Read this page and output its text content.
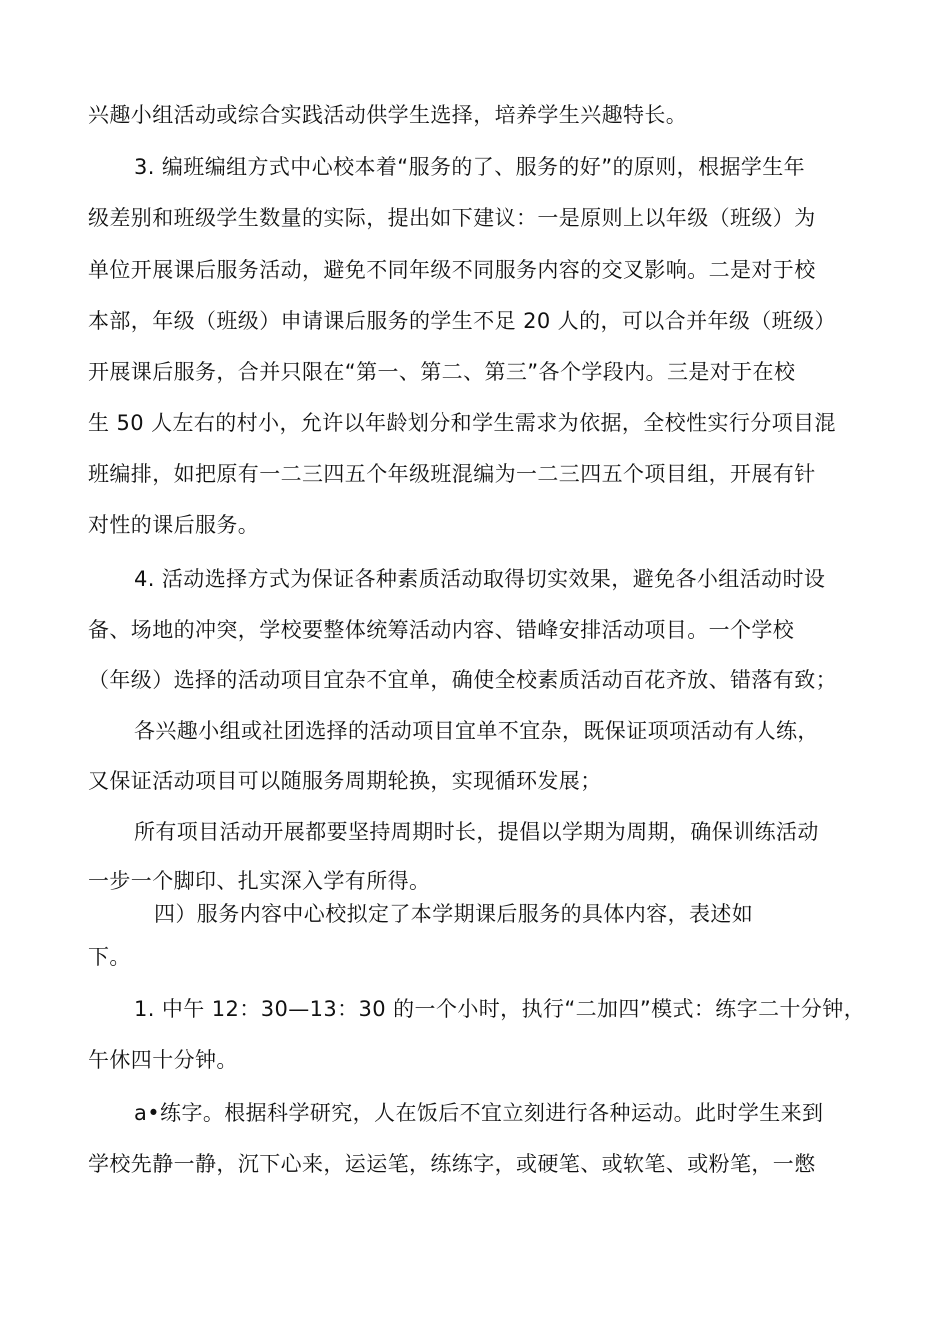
兴趣小组活动或综合实践活动供学生选择，培养学生兴趣特长。
3. 编班编组方式中心校本着“服务的了、服务的好”的原则，根据学生年
级差别和班级学生数量的实际，提出如下建议：一是原则上以年级（班级）为
单位开展课后服务活动，避免不同年级不同服务内容的交叉影响。二是对于校
本部，年级（班级）申请课后服务的学生不足 20 人的，可以合并年级（班级）
开展课后服务，合并只限在“第一、第二、第三”各个学段内。三是对于在校
生 50 人左右的村小，允许以年龄划分和学生需求为依据，全校性实行分项目混
班编排，如把原有一二三四五个年级班混编为一二三四五个项目组，开展有针
对性的课后服务。
4. 活动选择方式为保证各种素质活动取得切实效果，避免各小组活动时设
备、场地的冲突，学校要整体统筹活动内容、错峰安排活动项目。一个学校
（年级）选择的活动项目宜杂不宜单，确使全校素质活动百花齐放、错落有致；
各兴趣小组或社团选择的活动项目宜单不宜杂，既保证项项活动有人练，
又保证活动项目可以随服务周期轮换，实现循环发展；
所有项目活动开展都要坚持周期时长，提倡以学期为周期，确保训练活动
一步一个脚印、扎实深入学有所得。
四）服务内容中心校拟定了本学期课后服务的具体内容，表述如
下。
1. 中午 12：30—13：30 的一个小时，执行“二加四”模式：练字二十分钟，
午休四十分钟。
a•练字。根据科学研究，人在饭后不宜立刻进行各种运动。此时学生来到
学校先静一静，沉下心来，运运笔，练练字，或硬笔、或软笔、或粉笔，一憋
